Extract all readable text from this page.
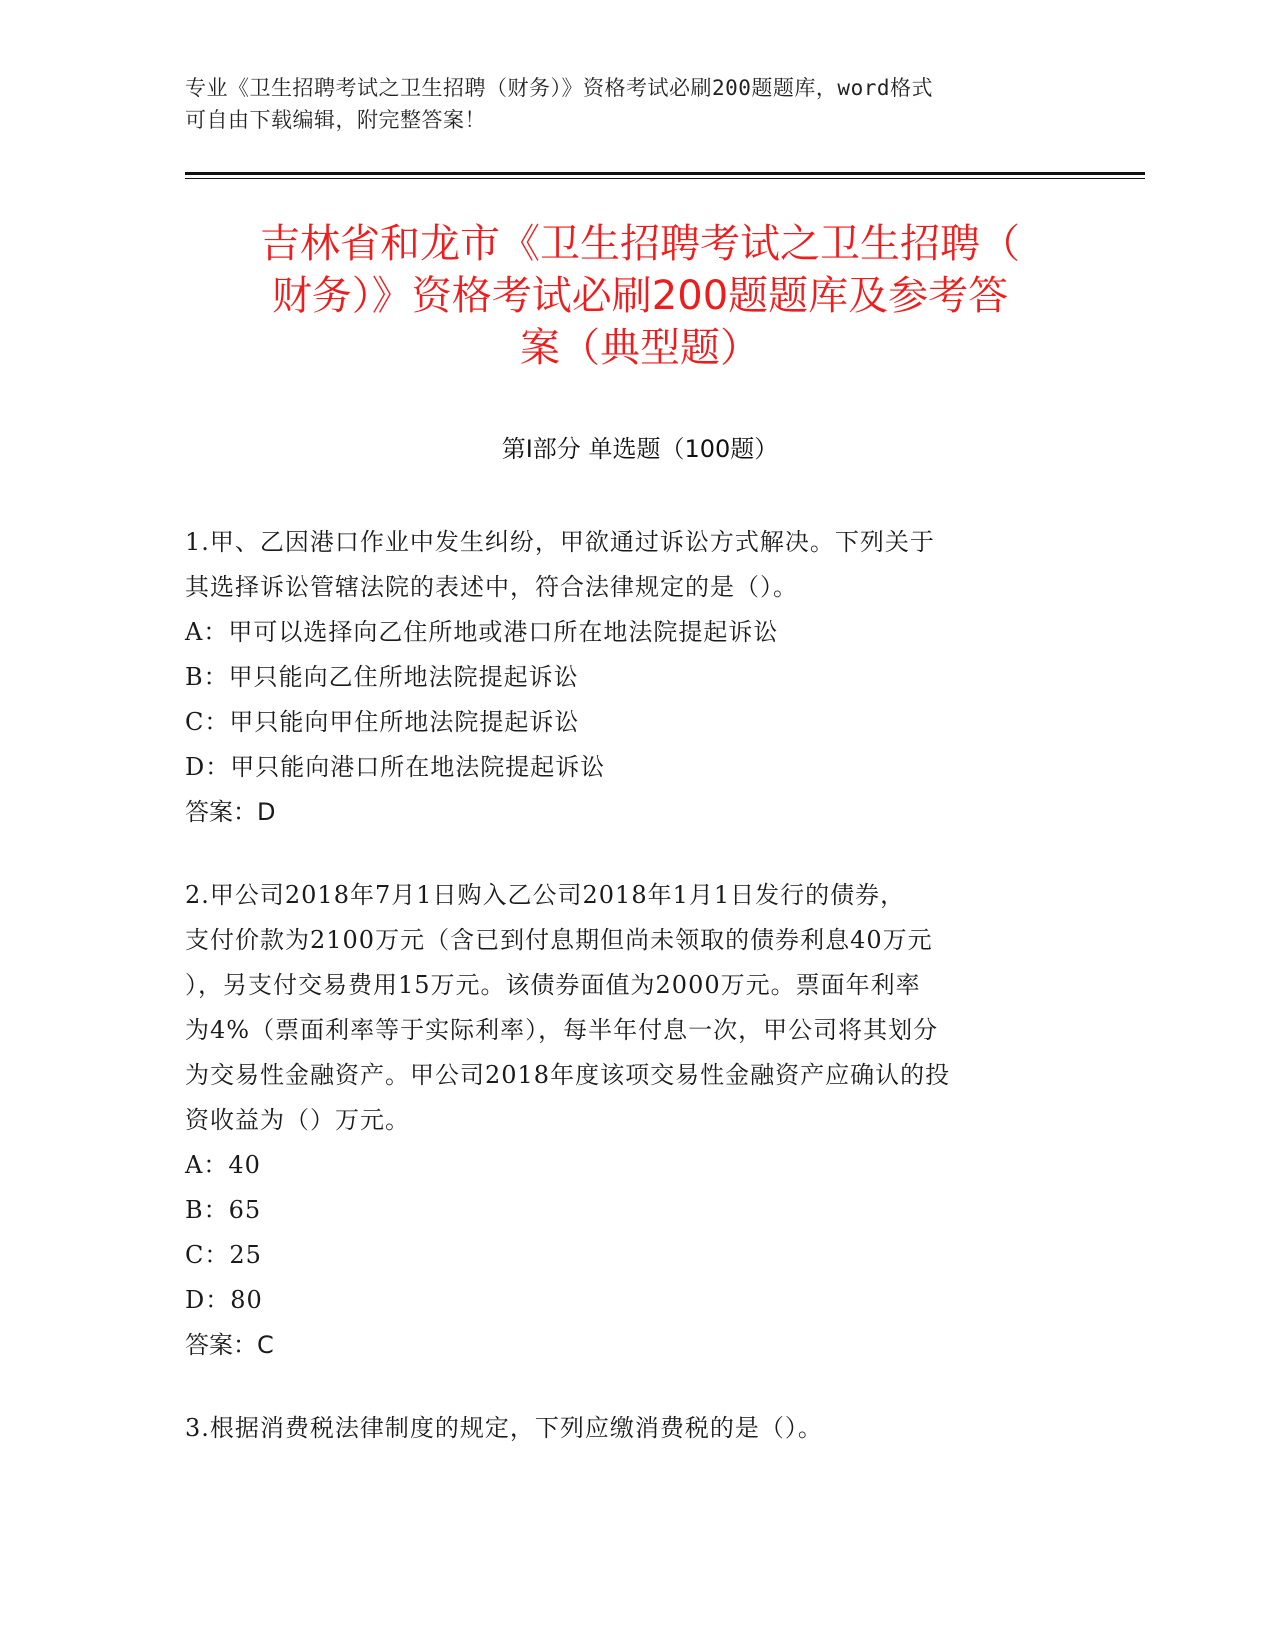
专业《卫生招聘考试之卫生招聘（财务）》资格考试必刷200题题库，word格式
可自由下载编辑，附完整答案！
吉林省和龙市《卫生招聘考试之卫生招聘（
财务）》资格考试必刷200题题库及参考答
案（典型题）
第Ⅰ部分 单选题（100题）
1.甲、乙因港口作业中发生纠纷，甲欲通过诉讼方式解决。下列关于
其选择诉讼管辖法院的表述中，符合法律规定的是（）。
A：甲可以选择向乙住所地或港口所在地法院提起诉讼
B：甲只能向乙住所地法院提起诉讼
C：甲只能向甲住所地法院提起诉讼
D：甲只能向港口所在地法院提起诉讼
答案：D
2.甲公司2018年7月1日购入乙公司2018年1月1日发行的债券，
支付价款为2100万元（含已到付息期但尚未领取的债券利息40万元
），另支付交易费用15万元。该债券面值为2000万元。票面年利率
为4%（票面利率等于实际利率），每半年付息一次，甲公司将其划分
为交易性金融资产。甲公司2018年度该项交易性金融资产应确认的投
资收益为（）万元。
A：40
B：65
C：25
D：80
答案：C
3.根据消费税法律制度的规定，下列应缴消费税的是（）。
